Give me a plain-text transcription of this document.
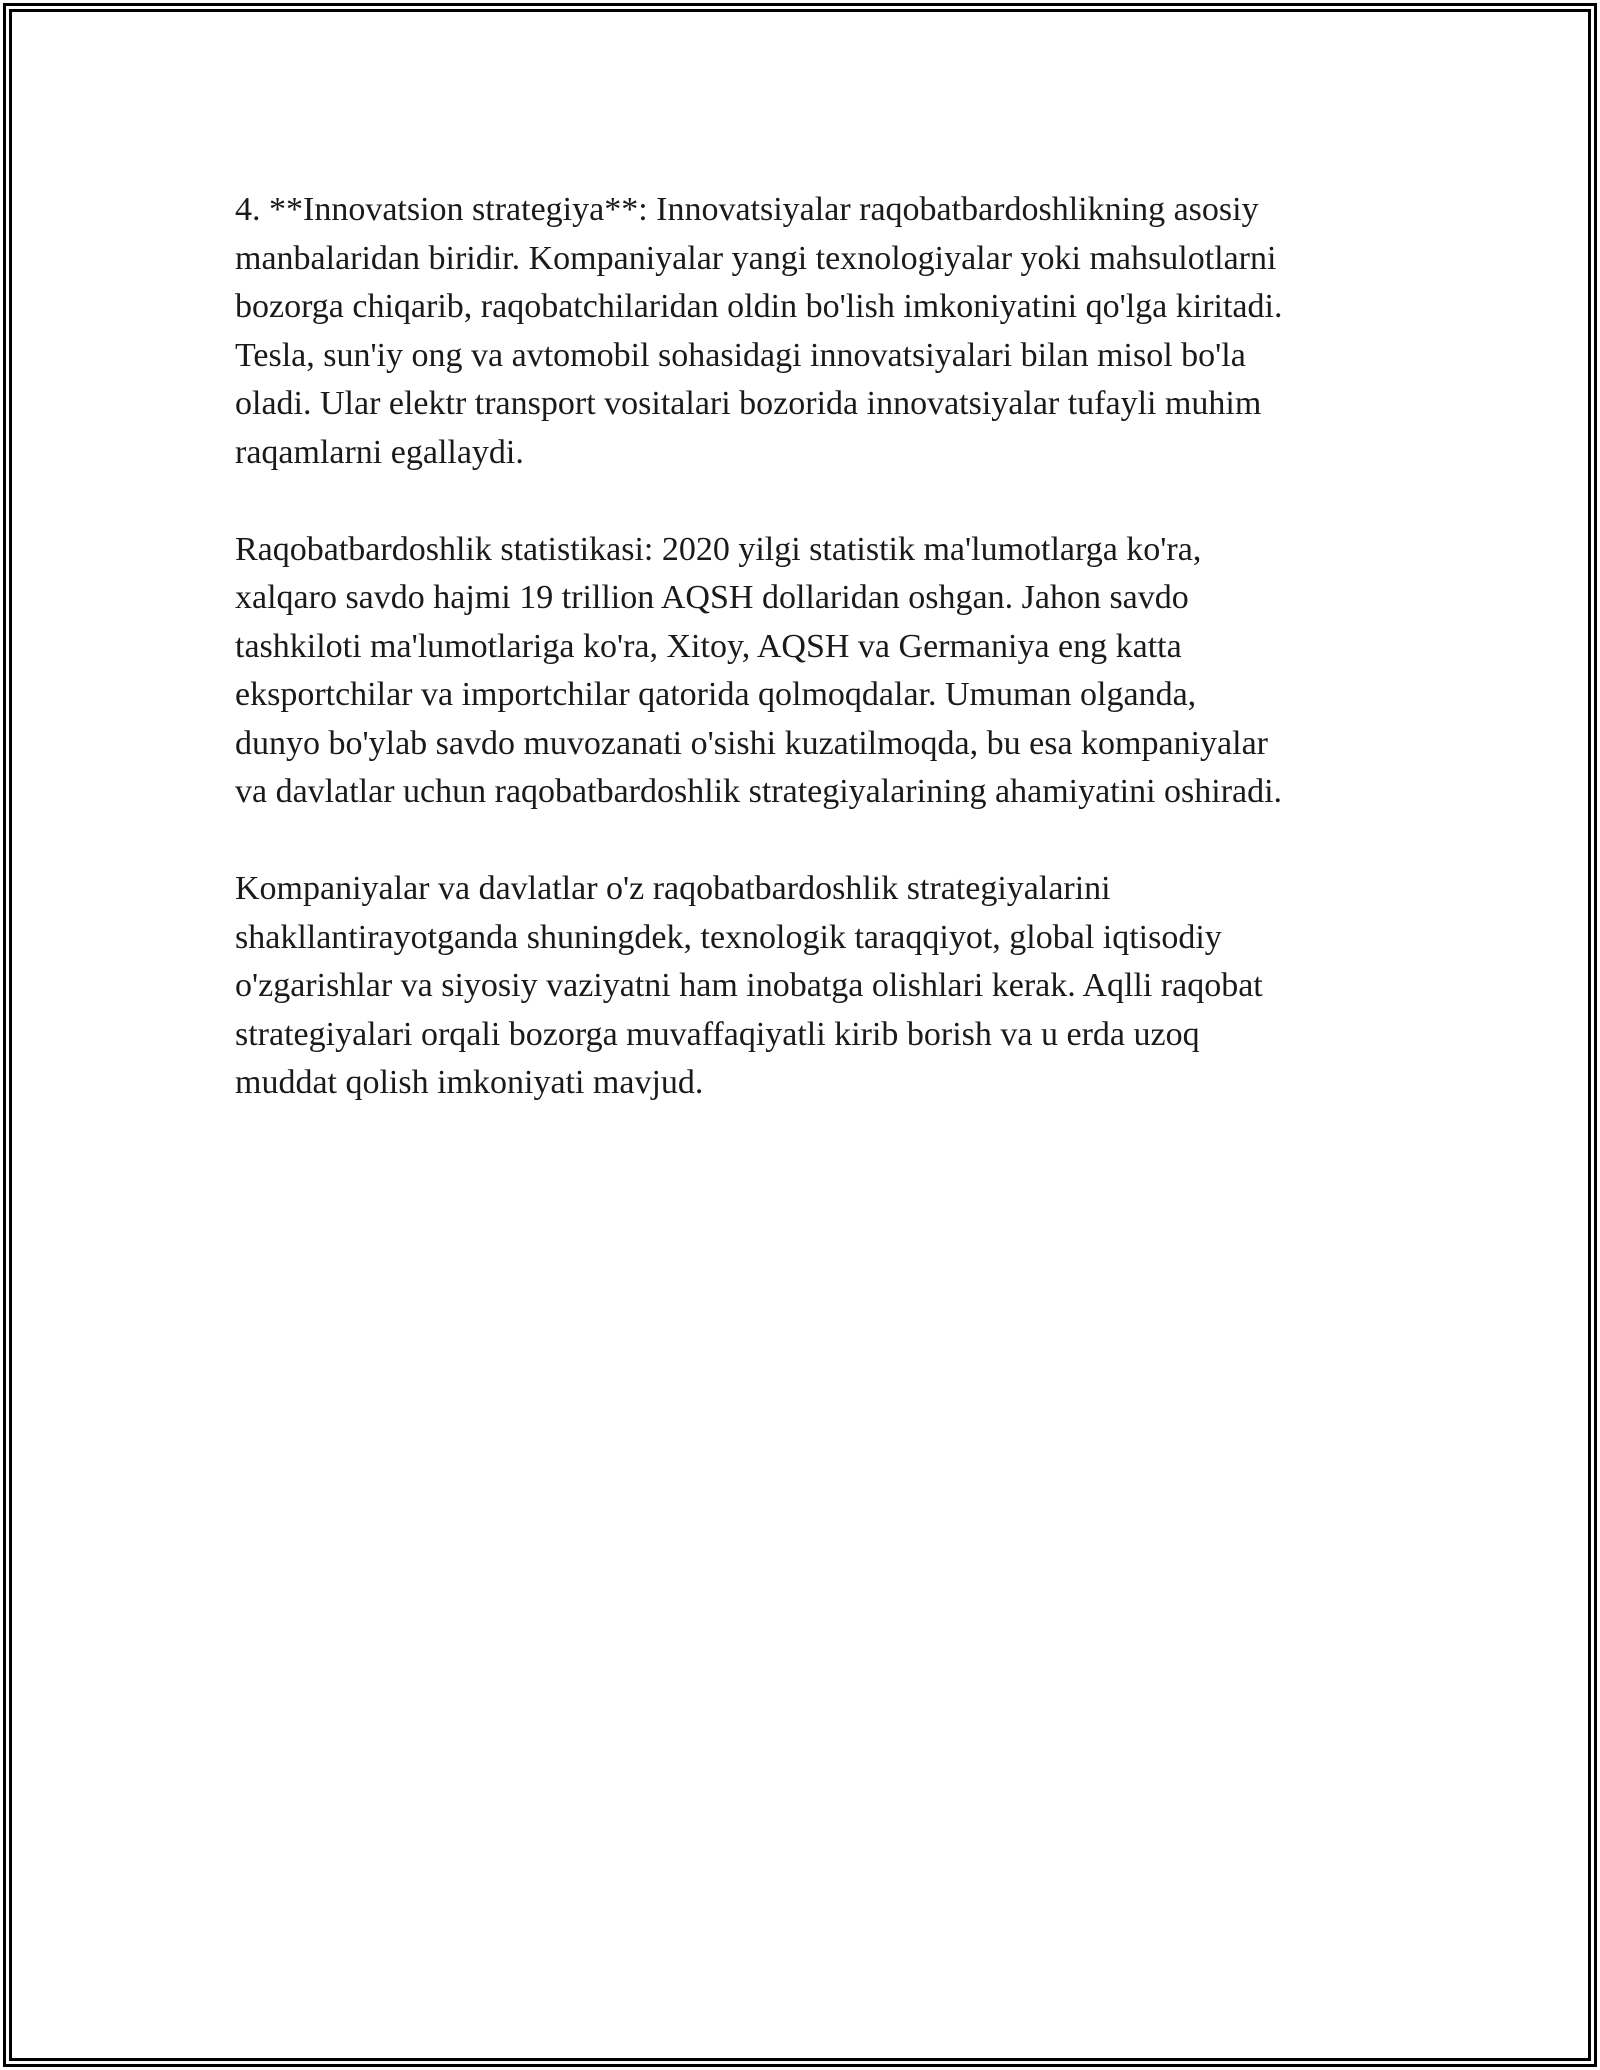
4. **Innovatsion strategiya**: Innovatsiyalar raqobatbardoshlikning asosiy
manbalaridan biridir. Kompaniyalar yangi texnologiyalar yoki mahsulotlarni
bozorga chiqarib, raqobatchilaridan oldin bo'lish imkoniyatini qo'lga kiritadi.
Tesla, sun'iy ong va avtomobil sohasidagi innovatsiyalari bilan misol bo'la
oladi. Ular elektr transport vositalari bozorida innovatsiyalar tufayli muhim
raqamlarni egallaydi.

Raqobatbardoshlik statistikasi: 2020 yilgi statistik ma'lumotlarga ko'ra,
xalqaro savdo hajmi 19 trillion AQSH dollaridan oshgan. Jahon savdo
tashkiloti ma'lumotlariga ko'ra, Xitoy, AQSH va Germaniya eng katta
eksportchilar va importchilar qatorida qolmoqdalar. Umuman olganda,
dunyo bo'ylab savdo muvozanati o'sishi kuzatilmoqda, bu esa kompaniyalar
va davlatlar uchun raqobatbardoshlik strategiyalarining ahamiyatini oshiradi.

Kompaniyalar va davlatlar o'z raqobatbardoshlik strategiyalarini
shakllantirayotganda shuningdek, texnologik taraqqiyot, global iqtisodiy
o'zgarishlar va siyosiy vaziyatni ham inobatga olishlari kerak. Aqlli raqobat
strategiyalari orqali bozorga muvaffaqiyatli kirib borish va u erda uzoq
muddat qolish imkoniyati mavjud.
